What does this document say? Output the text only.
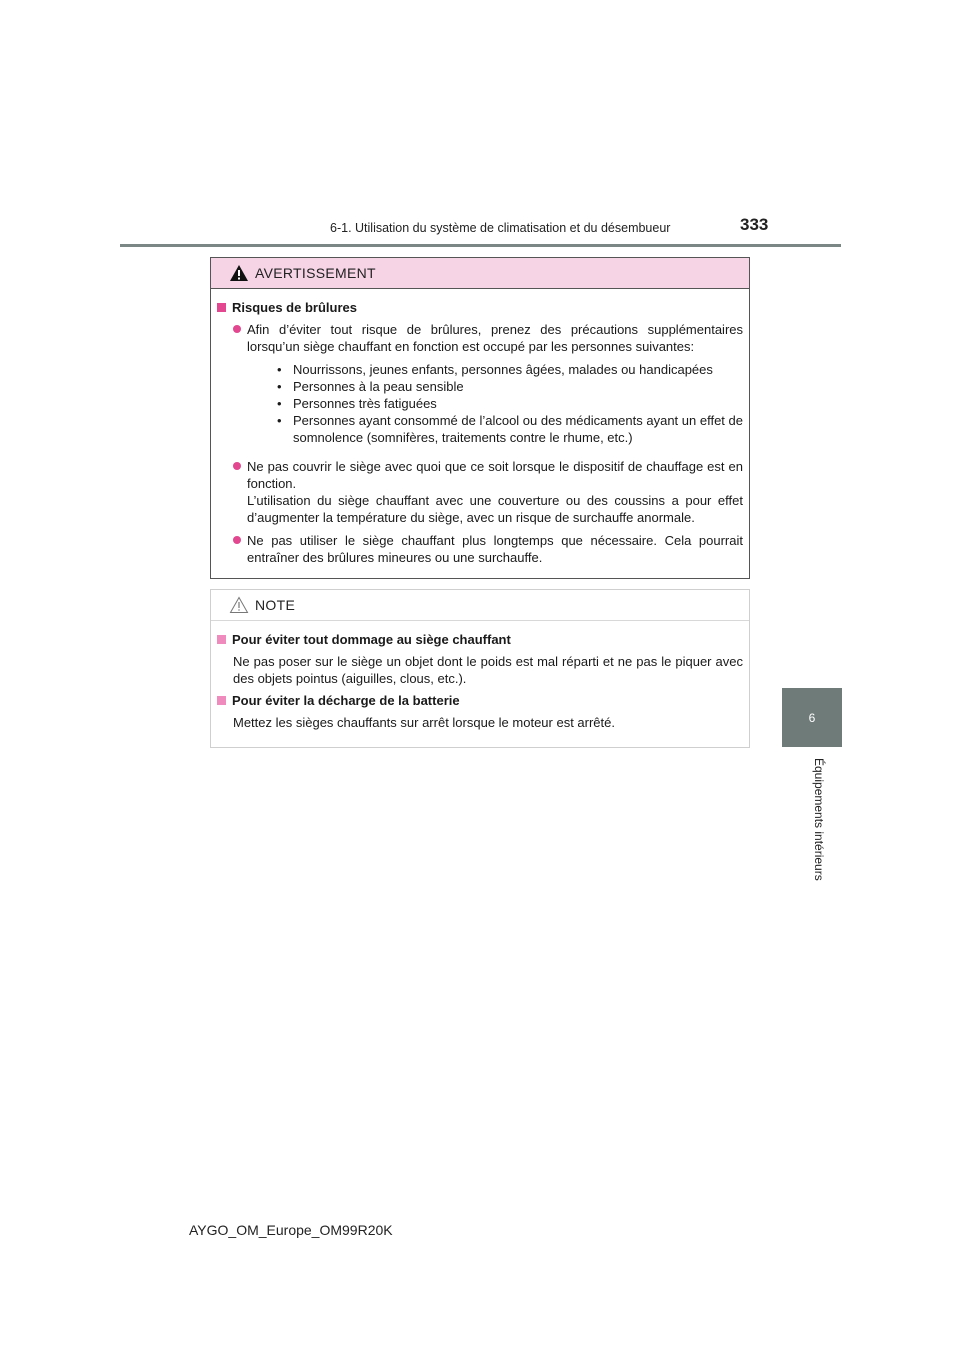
6-1. Utilisation du système de climatisation et du désembueur	333
6
Équipements intérieurs
AVERTISSEMENT
Risques de brûlures
Afin d’éviter tout risque de brûlures, prenez des précautions supplémentaires lorsqu’un siège chauffant en fonction est occupé par les personnes suivantes:
• Nourrissons, jeunes enfants, personnes âgées, malades ou handicapées
• Personnes à la peau sensible
• Personnes très fatiguées
• Personnes ayant consommé de l’alcool ou des médicaments ayant un effet de somnolence (somnifères, traitements contre le rhume, etc.)
Ne pas couvrir le siège avec quoi que ce soit lorsque le dispositif de chauffage est en fonction.
L’utilisation du siège chauffant avec une couverture ou des coussins a pour effet d’augmenter la température du siège, avec un risque de surchauffe anormale.
Ne pas utiliser le siège chauffant plus longtemps que nécessaire. Cela pourrait entraîner des brûlures mineures ou une surchauffe.
NOTE
Pour éviter tout dommage au siège chauffant
Ne pas poser sur le siège un objet dont le poids est mal réparti et ne pas le piquer avec des objets pointus (aiguilles, clous, etc.).
Pour éviter la décharge de la batterie
Mettez les sièges chauffants sur arrêt lorsque le moteur est arrêté.
AYGO_OM_Europe_OM99R20K
